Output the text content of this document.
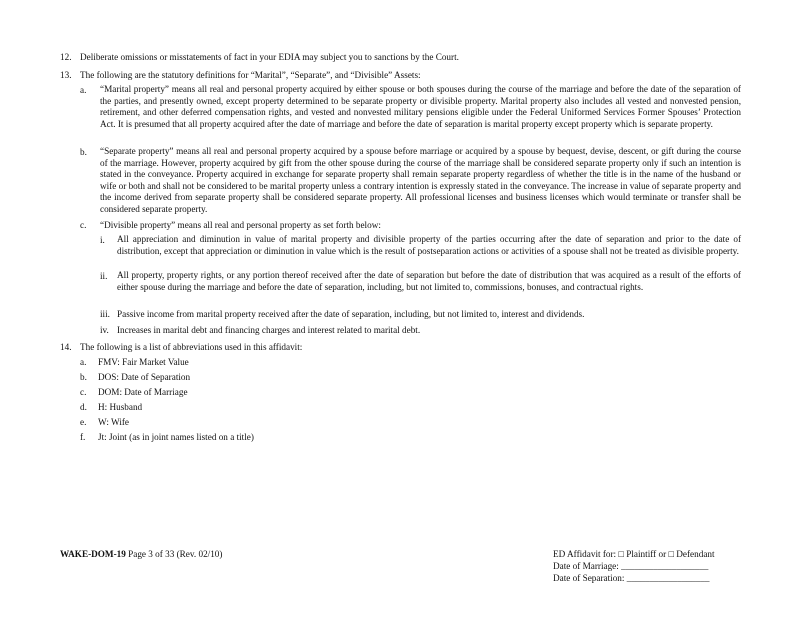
12. Deliberate omissions or misstatements of fact in your EDIA may subject you to sanctions by the Court.
13. The following are the statutory definitions for “Marital”, “Separate”, and “Divisible” Assets:
a. “Marital property” means all real and personal property acquired by either spouse or both spouses during the course of the marriage and before the date of the separation of the parties, and presently owned, except property determined to be separate property or divisible property. Marital property also includes all vested and nonvested pension, retirement, and other deferred compensation rights, and vested and nonvested military pensions eligible under the Federal Uniformed Services Former Spouses’ Protection Act. It is presumed that all property acquired after the date of marriage and before the date of separation is marital property except property which is separate property.
b. “Separate property” means all real and personal property acquired by a spouse before marriage or acquired by a spouse by bequest, devise, descent, or gift during the course of the marriage. However, property acquired by gift from the other spouse during the course of the marriage shall be considered separate property only if such an intention is stated in the conveyance. Property acquired in exchange for separate property shall remain separate property regardless of whether the title is in the name of the husband or wife or both and shall not be considered to be marital property unless a contrary intention is expressly stated in the conveyance. The increase in value of separate property and the income derived from separate property shall be considered separate property. All professional licenses and business licenses which would terminate or transfer shall be considered separate property.
c. “Divisible property” means all real and personal property as set forth below:
i. All appreciation and diminution in value of marital property and divisible property of the parties occurring after the date of separation and prior to the date of distribution, except that appreciation or diminution in value which is the result of postseparation actions or activities of a spouse shall not be treated as divisible property.
ii. All property, property rights, or any portion thereof received after the date of separation but before the date of distribution that was acquired as a result of the efforts of either spouse during the marriage and before the date of separation, including, but not limited to, commissions, bonuses, and contractual rights.
iii. Passive income from marital property received after the date of separation, including, but not limited to, interest and dividends.
iv. Increases in marital debt and financing charges and interest related to marital debt.
14. The following is a list of abbreviations used in this affidavit:
a. FMV: Fair Market Value
b. DOS: Date of Separation
c. DOM: Date of Marriage
d. H: Husband
e. W: Wife
f. Jt: Joint (as in joint names listed on a title)
WAKE-DOM-19 Page 3 of 33 (Rev. 02/10)	ED Affidavit for: □ Plaintiff or □ Defendant
Date of Marriage: ___________________
Date of Separation: __________________
